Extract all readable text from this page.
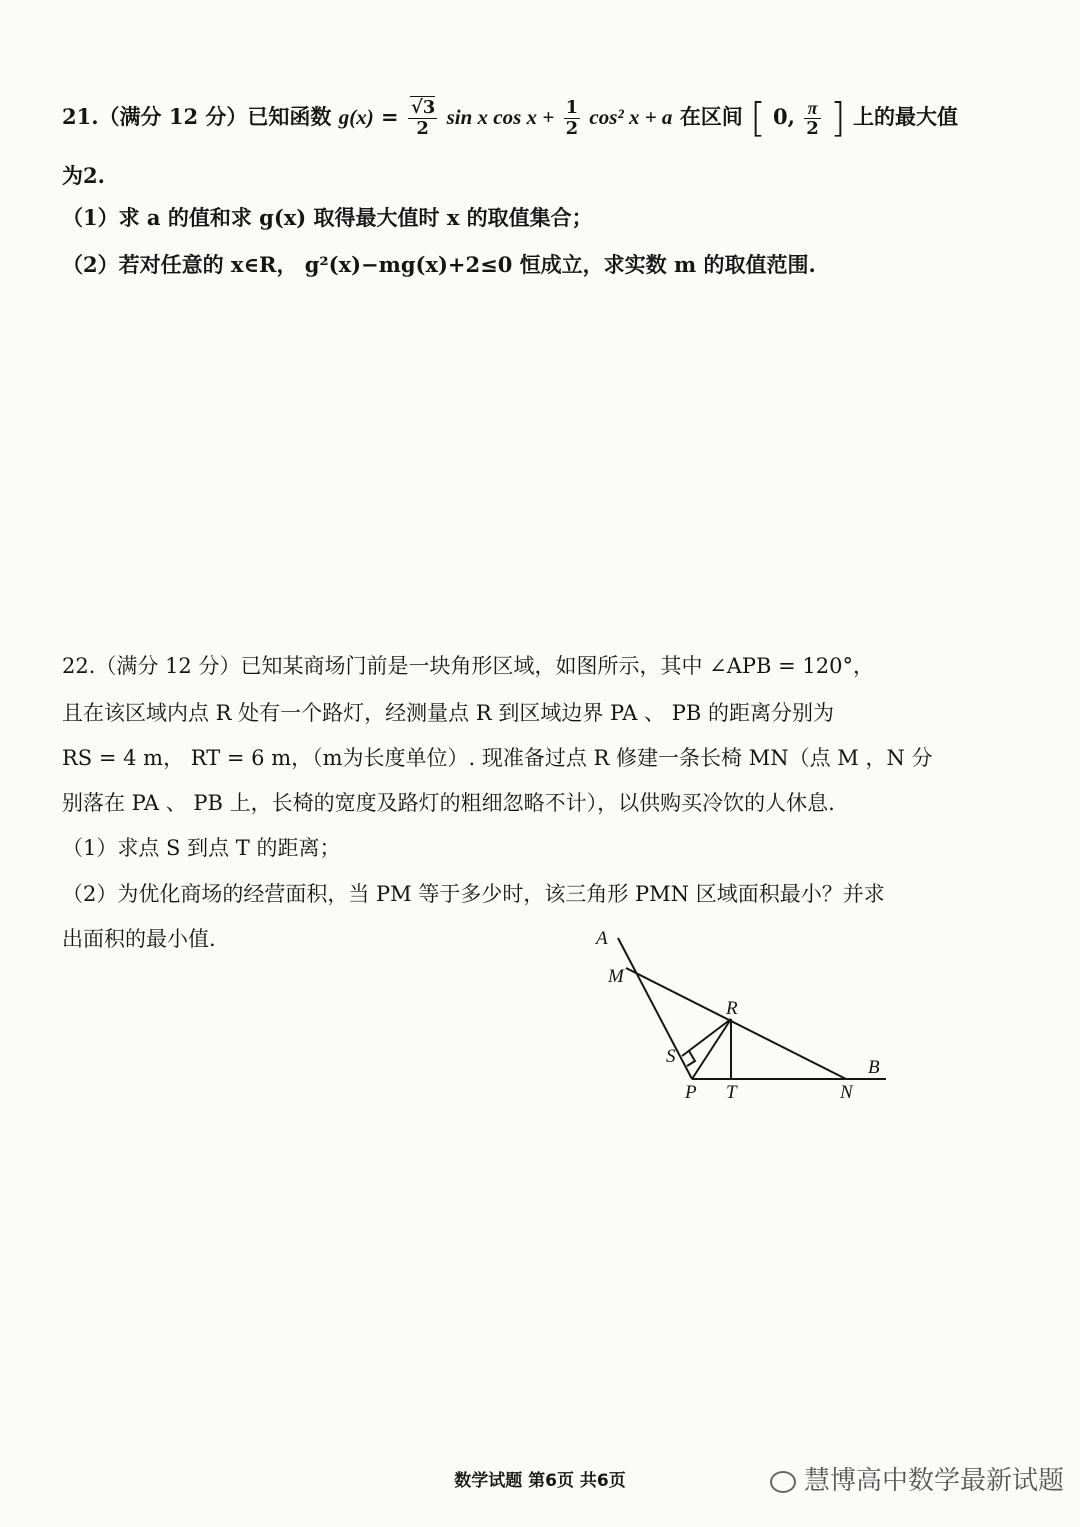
21.（满分 12 分）已知函数 $g(x) = \frac{√3}{2}$ sin x $\cos x + \frac{1}{2} \cos^2$ x + a 在区间 [ 0, $\frac{\pi}{2}$ ] 上的最大值
为2.
（1）求 a 的值和求 g(x) 取得最大值时 x 的取值集合；
（2）若对任意的 x∈R， g²(x)−mg(x)+2≤0 恒成立，求实数 m 的取值范围.
22.（满分 12 分）已知某商场门前是一块角形区域，如图所示，其中 ∠APB = 120°，
且在该区域内点 R 处有一个路灯，经测量点 R 到区域边界 PA 、 PB 的距离分别为
RS = 4 m， RT = 6 m，（m为长度单位）. 现准备过点 R 修建一条长椅 MN（点 M ，N 分
别落在 PA 、 PB 上，长椅的宽度及路灯的粗细忽略不计），以供购买冷饮的人休息.
（1）求点 S 到点 T 的距离；
（2）为优化商场的经营面积，当 PM 等于多少时，该三角形 PMN 区域面积最小？并求
出面积的最小值.	A
M
R
S
P T	N
B
数学试题 第6页 共6页	慧博高中数学最新试题
